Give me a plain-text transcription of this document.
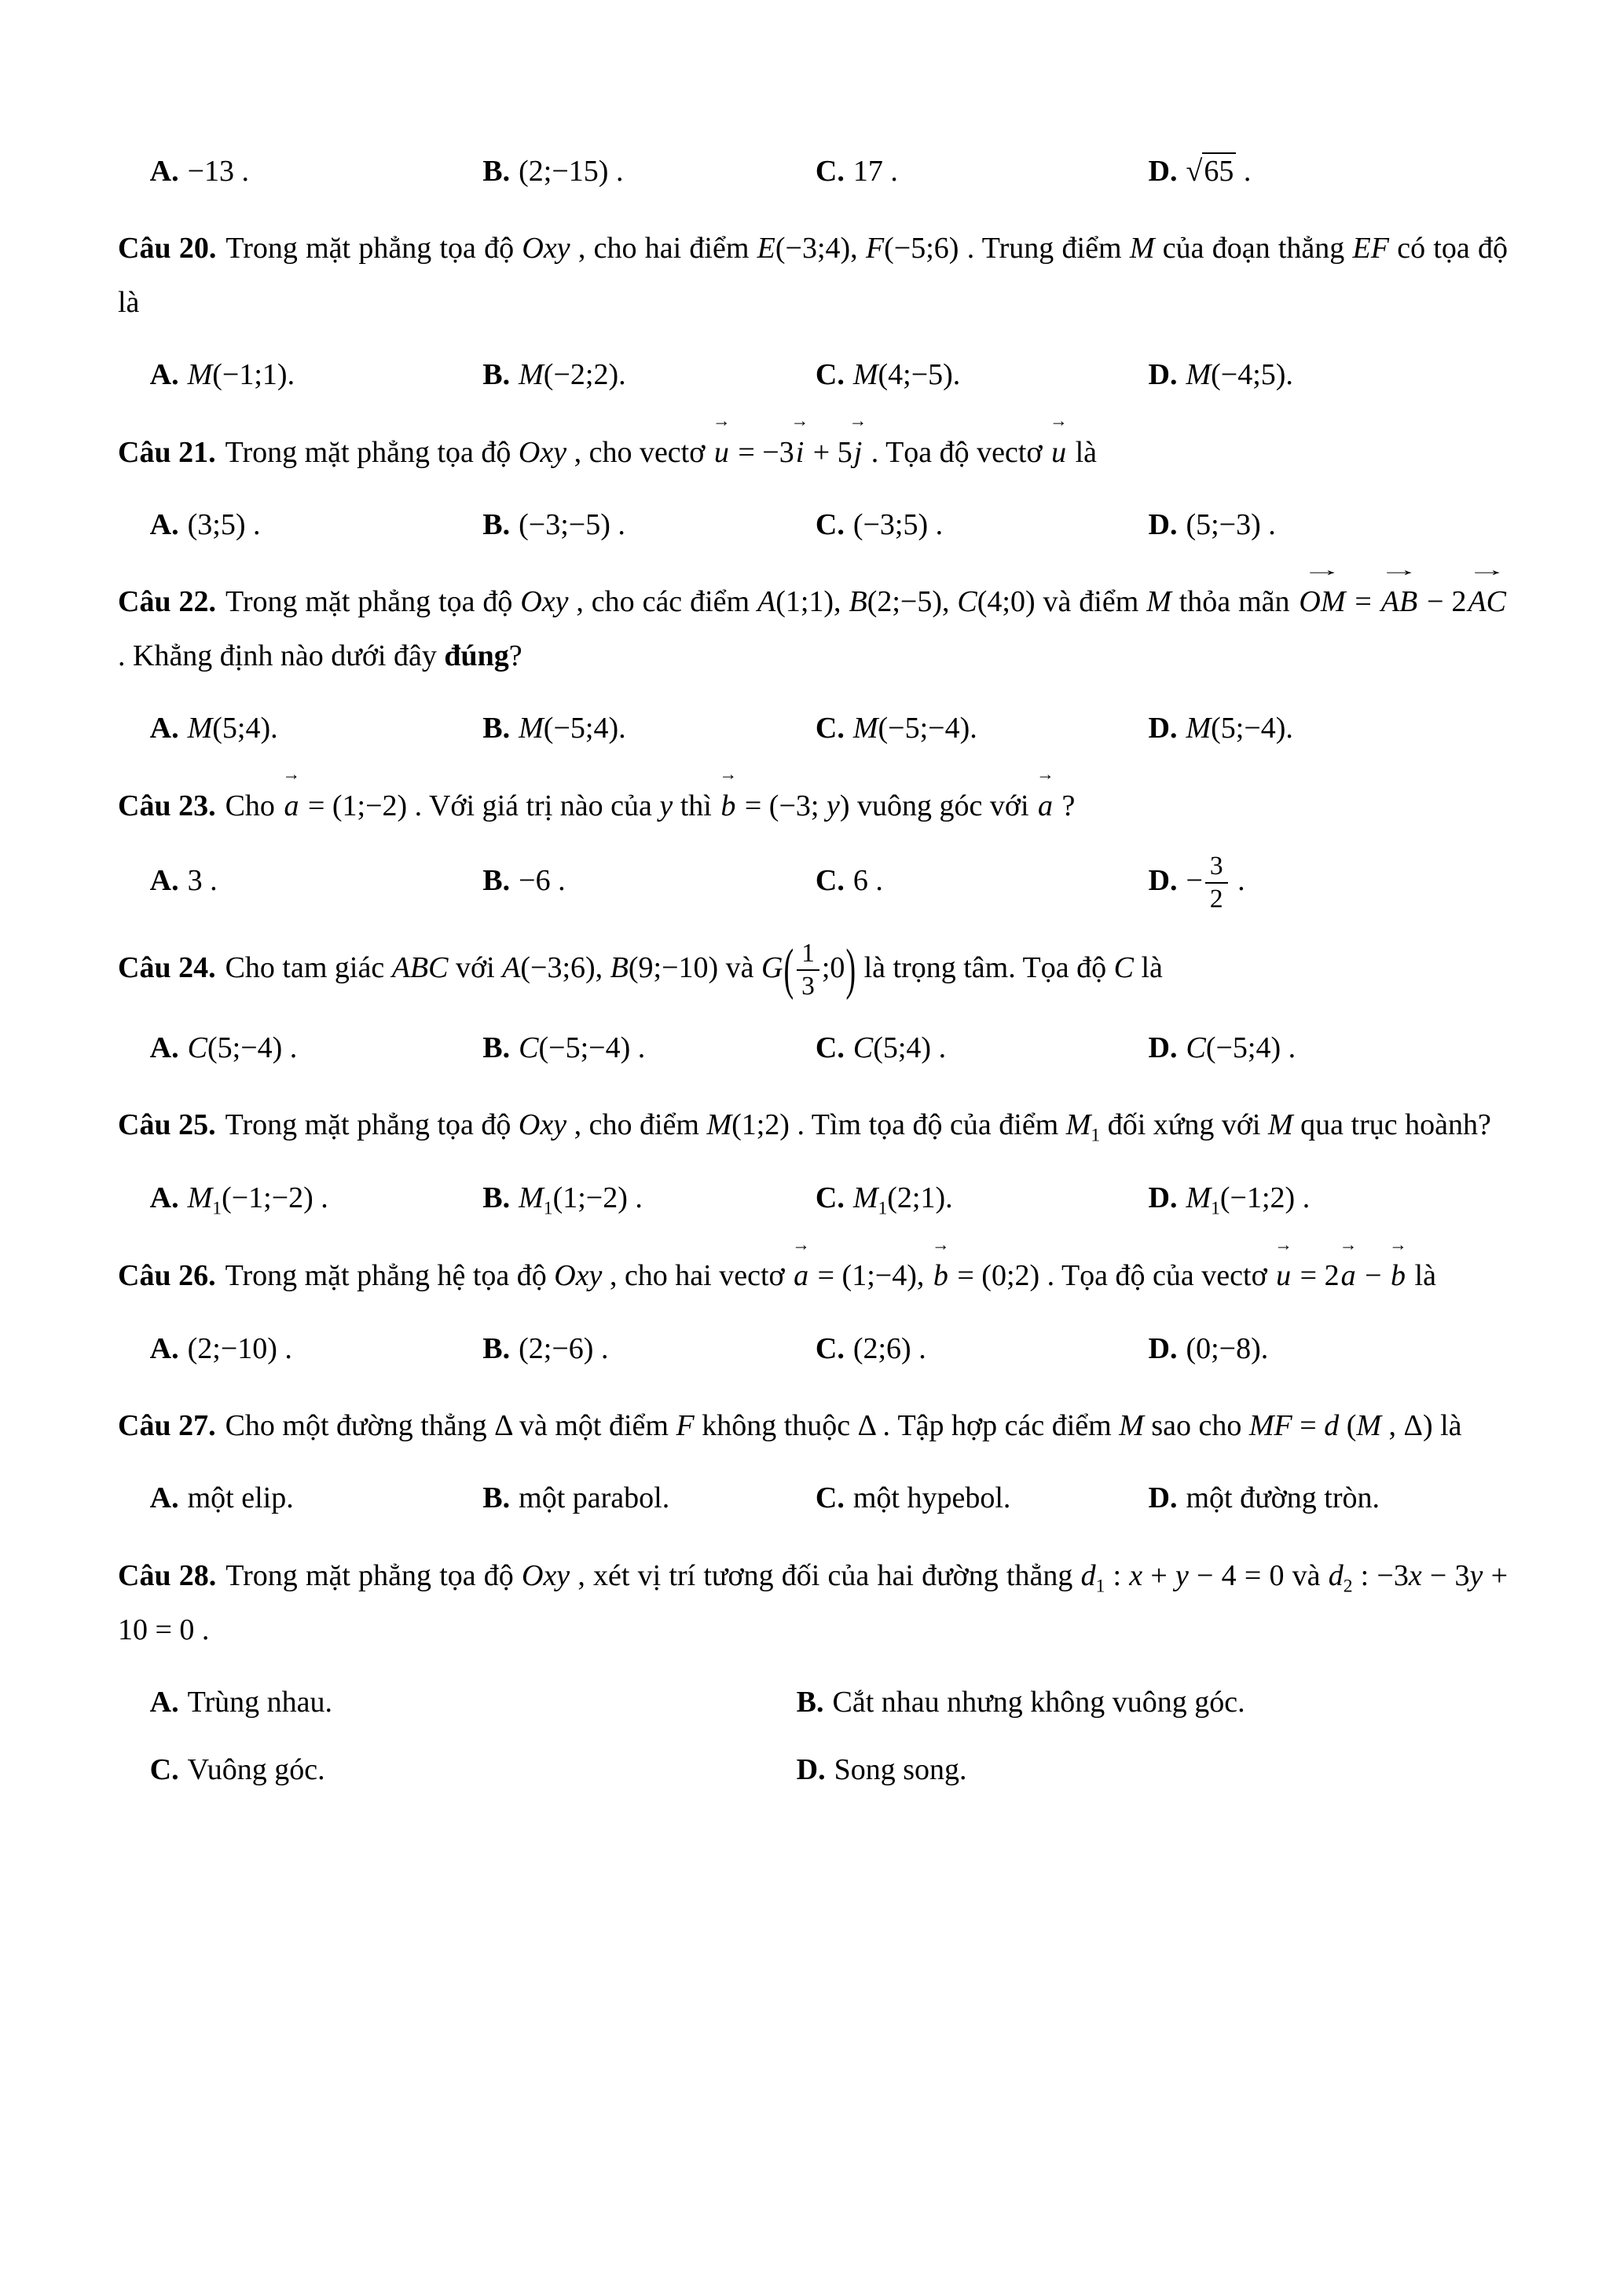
A. −13 .	B. (2;−15) .	C. 17 .	D. √65 .

Câu 20. Trong mặt phẳng tọa độ Oxy , cho hai điểm E(−3;4), F(−5;6) . Trung điểm M của đoạn thẳng EF có tọa độ là

A. M(−1;1).	B. M(−2;2).	C. M(4;−5).	D. M(−4;5).

Câu 21. Trong mặt phẳng tọa độ Oxy , cho vectơ → u = −3→ i + 5→ j . Tọa độ vectơ → u là

A. (3;5) .	B. (−3;−5) .	C. (−3;5) .	D. (5;−3) .

Câu 22. Trong mặt phẳng tọa độ Oxy , cho các điểm A(1;1), B(2;−5), C(4;0) và điểm M thỏa mãn → OM = → AB − 2→ AC . Khẳng định nào dưới đây đúng?

A. M(5;4).	B. M(−5;4).	C. M(−5;−4).	D. M(5;−4).

Câu 23. Cho → a = (1;−2) . Với giá trị nào của y thì → b = (−3; y) vuông góc với → a ?

A. 3 .	B. −6 .	C. 6 .	D. − $\frac{3}{2}$ .

Câu 24. Cho tam giác ABC với A(−3;6), B(9;−10) và $G( \frac{1}{3}$ ;0) là trọng tâm. Tọa độ C là

A. C(5;−4) .	B. C(−5;−4) .	C. C(5;4) .	D. C(−5;4) .

Câu 25. Trong mặt phẳng tọa độ Oxy , cho điểm M(1;2) . Tìm tọa độ của điểm $M_1$ đối xứng với M qua trục hoành?

A. $M_1(-1;-2)$ .	B. $M_1(1;-2)$ .	C. $M_1(2;1)$.	D. $M_1(-1;2)$ .

Câu 26. Trong mặt phẳng hệ tọa độ Oxy , cho hai vectơ → a = (1;−4), → b = (0;2) . Tọa độ của vectơ → u = 2→ a − → b là

A. (2;−10) .	B. (2;−6) .	C. (2;6) .	D. (0;−8).

Câu 27. Cho một đường thẳng Δ và một điểm F không thuộc Δ . Tập hợp các điểm M sao cho MF = d (M , Δ) là

A. một elip.	B. một parabol.	C. một hypebol.	D. một đường tròn.

Câu 28. Trong mặt phẳng tọa độ Oxy , xét vị trí tương đối của hai đường thẳng $d_1$ : x + y − 4 = 0 và $d_2$ : −3x − 3y + 10 = 0 .

A. Trùng nhau.	B. Cắt nhau nhưng không vuông góc.
C. Vuông góc.	D. Song song.
